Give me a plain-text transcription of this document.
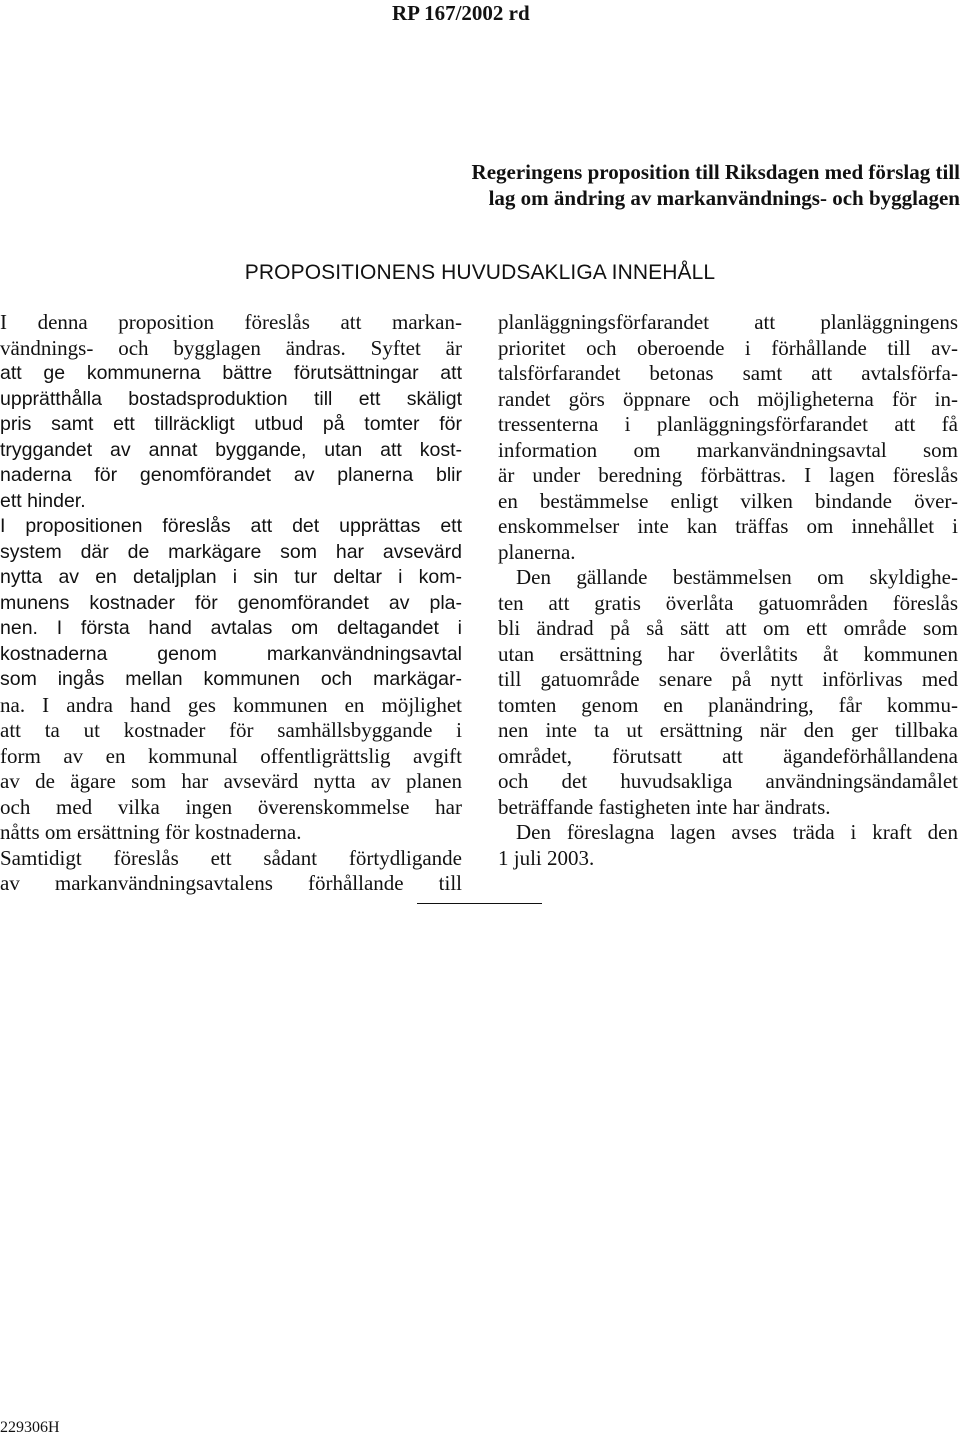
RP 167/2002 rd
Regeringens proposition till Riksdagen med förslag till
lag om ändring av markanvändnings- och bygglagen
PROPOSITIONENS HUVUDSAKLIGA INNEHÅLL
I denna proposition föreslås att markan-
vändnings- och bygglagen ändras. Syftet är
att ge kommunerna bättre förutsättningar att
upprätthålla bostadsproduktion till ett skäligt
pris samt ett tillräckligt utbud på tomter för
tryggandet av annat byggande, utan att kost-
naderna för genomförandet av planerna blir
ett hinder.
I propositionen föreslås att det upprättas ett
system där de markägare som har avsevärd
nytta av en detaljplan i sin tur deltar i kom-
munens kostnader för genomförandet av pla-
nen. I första hand avtalas om deltagandet i
kostnaderna genom markanvändningsavtal
som ingås mellan kommunen och markägar-
na. I andra hand ges kommunen en möjlighet
att ta ut kostnader för samhällsbyggande i
form av en kommunal offentligrättslig avgift
av de ägare som har avsevärd nytta av planen
och med vilka ingen överenskommelse har
nåtts om ersättning för kostnaderna.
Samtidigt föreslås ett sådant förtydligande
av markanvändningsavtalens förhållande till
planläggningsförfarandet att planläggningens
prioritet och oberoende i förhållande till av-
talsförfarandet betonas samt att avtalsförfa-
randet görs öppnare och möjligheterna för in-
tressenterna i planläggningsförfarandet att få
information om markanvändningsavtal som
är under beredning förbättras. I lagen föreslås
en bestämmelse enligt vilken bindande över-
enskommelser inte kan träffas om innehållet i
planerna.
Den gällande bestämmelsen om skyldighe-
ten att gratis överlåta gatuområden föreslås
bli ändrad på så sätt att om ett område som
utan ersättning har överlåtits åt kommunen
till gatuområde senare på nytt införlivas med
tomten genom en planändring, får kommu-
nen inte ta ut ersättning när den ger tillbaka
området, förutsatt att ägandeförhållandena
och det huvudsakliga användningsändamålet
beträffande fastigheten inte har ändrats.
Den föreslagna lagen avses träda i kraft den
1 juli 2003.
229306H
